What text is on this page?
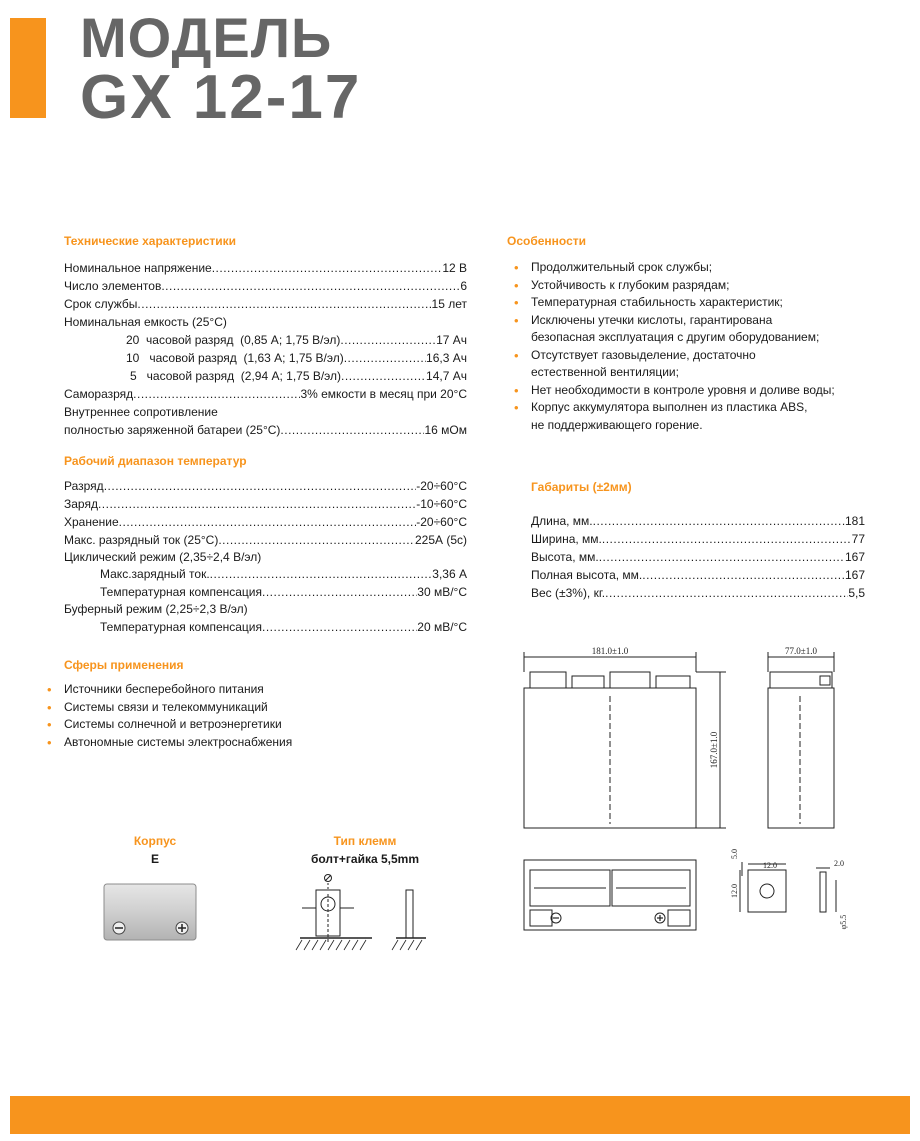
МОДЕЛЬ
GX 12-17
Технические характеристики
Номинальное напряжение .....	12 В
Число элементов .....	6
Срок службы .....	15 лет
Номинальная емкость (25°С)
20  часовой разряд  (0,85 A; 1,75 В/эл) .....	17 Ач
10   часовой разряд  (1,63 A; 1,75 В/эл) .....	16,3 Ач
5   часовой разряд  (2,94 A; 1,75 В/эл) .....	14,7 Ач
Саморазряд .....	3% емкости в месяц при 20°С
Внутреннее сопротивление
полностью заряженной батареи (25°С) .....	16 мОм
Рабочий диапазон температур
Разряд .....	-20÷60°С
Заряд .....	-10÷60°С
Хранение .....	-20÷60°С
Макс. разрядный ток (25°С) .....	225А (5с)
Циклический режим (2,35÷2,4 В/эл)
Макс.зарядный ток. .....	3,36 А
Температурная компенсация .....	30 мВ/°С
Буферный режим (2,25÷2,3 В/эл)
Температурная компенсация .....	20 мВ/°С
Сферы применения
• Источники бесперебойного питания
• Системы связи и телекоммуникаций
• Системы солнечной и ветроэнергетики
• Автономные системы электроснабжения
Особенности
• Продолжительный срок службы;
• Устойчивость к глубоким разрядам;
• Температурная стабильность характеристик;
• Исключены утечки кислоты, гарантирована
безопасная эксплуатация с другим оборудованием;
• Отсутствует газовыделение, достаточно
естественной вентиляции;
• Нет необходимости в контроле уровня и доливе воды;
• Корпус аккумулятора выполнен из пластика ABS,
не поддерживающего горение.
Габариты (±2мм)
Длина, мм. .....	181
Ширина, мм. .....	77
Высота, мм. .....	167
Полная высота, мм. .....	167
Вес (±3%), кг. .....	5,5
Корпус
E
Тип клемм
болт+гайка 5,5mm
181.0±1.0	77.0±1.0
167.0±1.0
12.0
5.0
12.0
2.0
φ5.5
